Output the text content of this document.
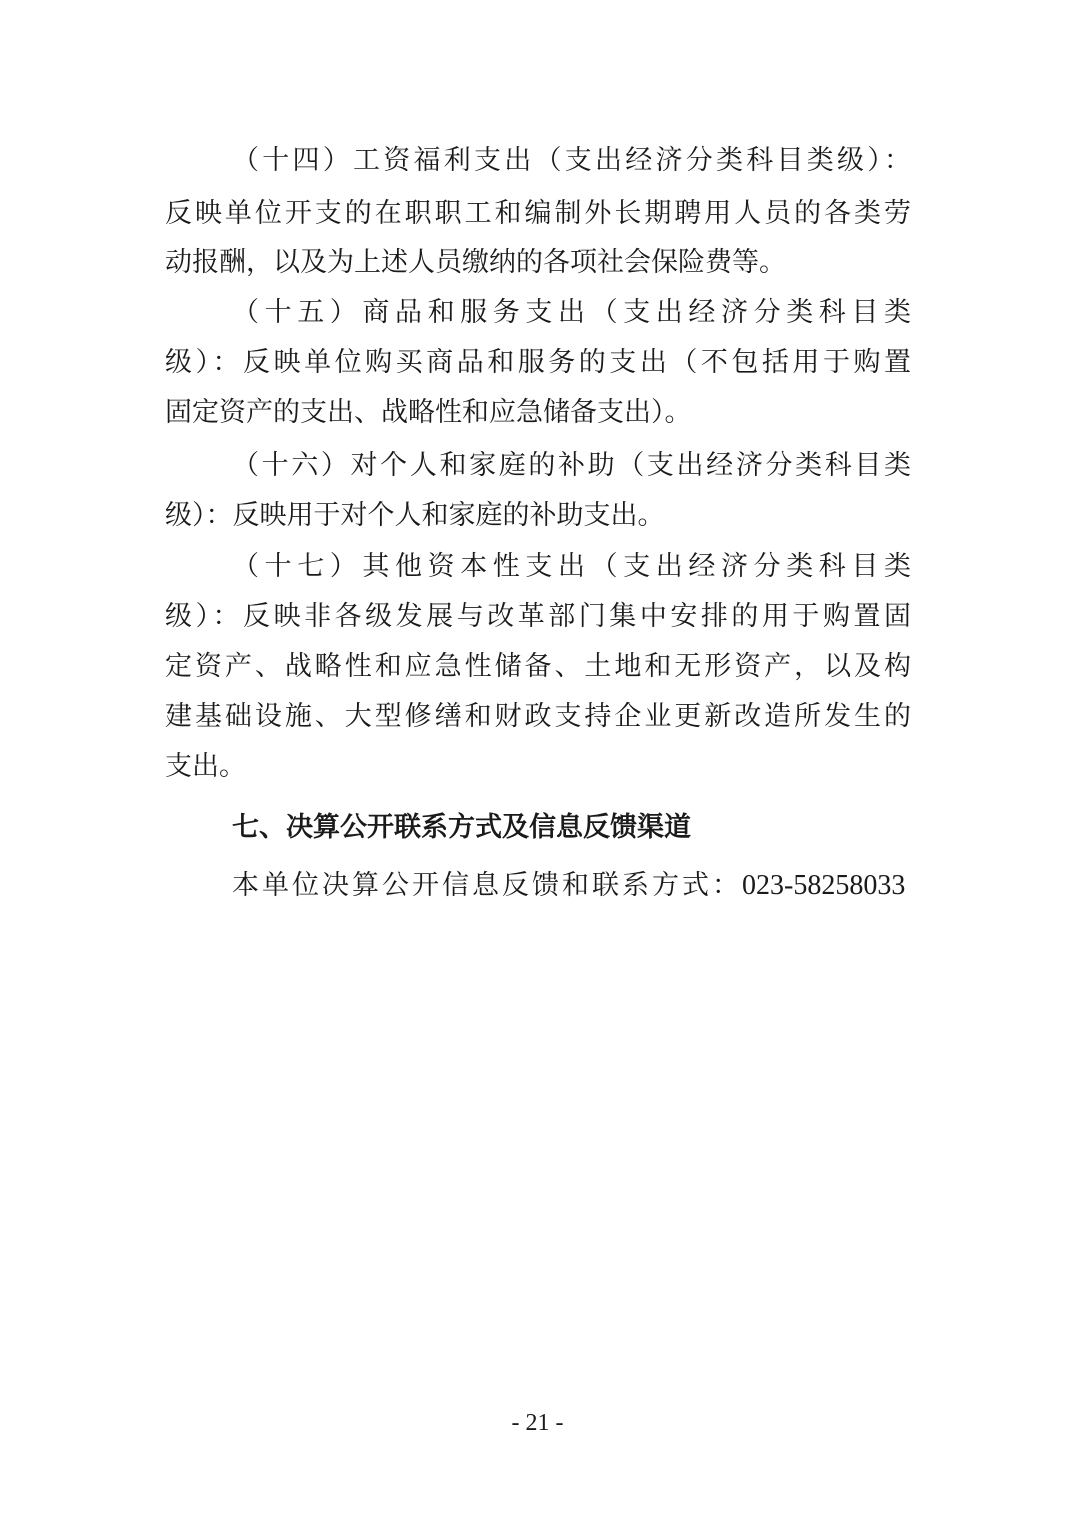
（十四）工资福利支出（支出经济分类科目类级）：
反映单位开支的在职职工和编制外长期聘用人员的各类劳
动报酬，以及为上述人员缴纳的各项社会保险费等。
（十五）商品和服务支出（支出经济分类科目类
级）：反映单位购买商品和服务的支出（不包括用于购置
固定资产的支出、战略性和应急储备支出）。
（十六）对个人和家庭的补助（支出经济分类科目类
级）：反映用于对个人和家庭的补助支出。
（十七）其他资本性支出（支出经济分类科目类
级）：反映非各级发展与改革部门集中安排的用于购置固
定资产、战略性和应急性储备、土地和无形资产，以及构
建基础设施、大型修缮和财政支持企业更新改造所发生的
支出。
七、决算公开联系方式及信息反馈渠道
本单位决算公开信息反馈和联系方式：023-58258033
- 21 -
